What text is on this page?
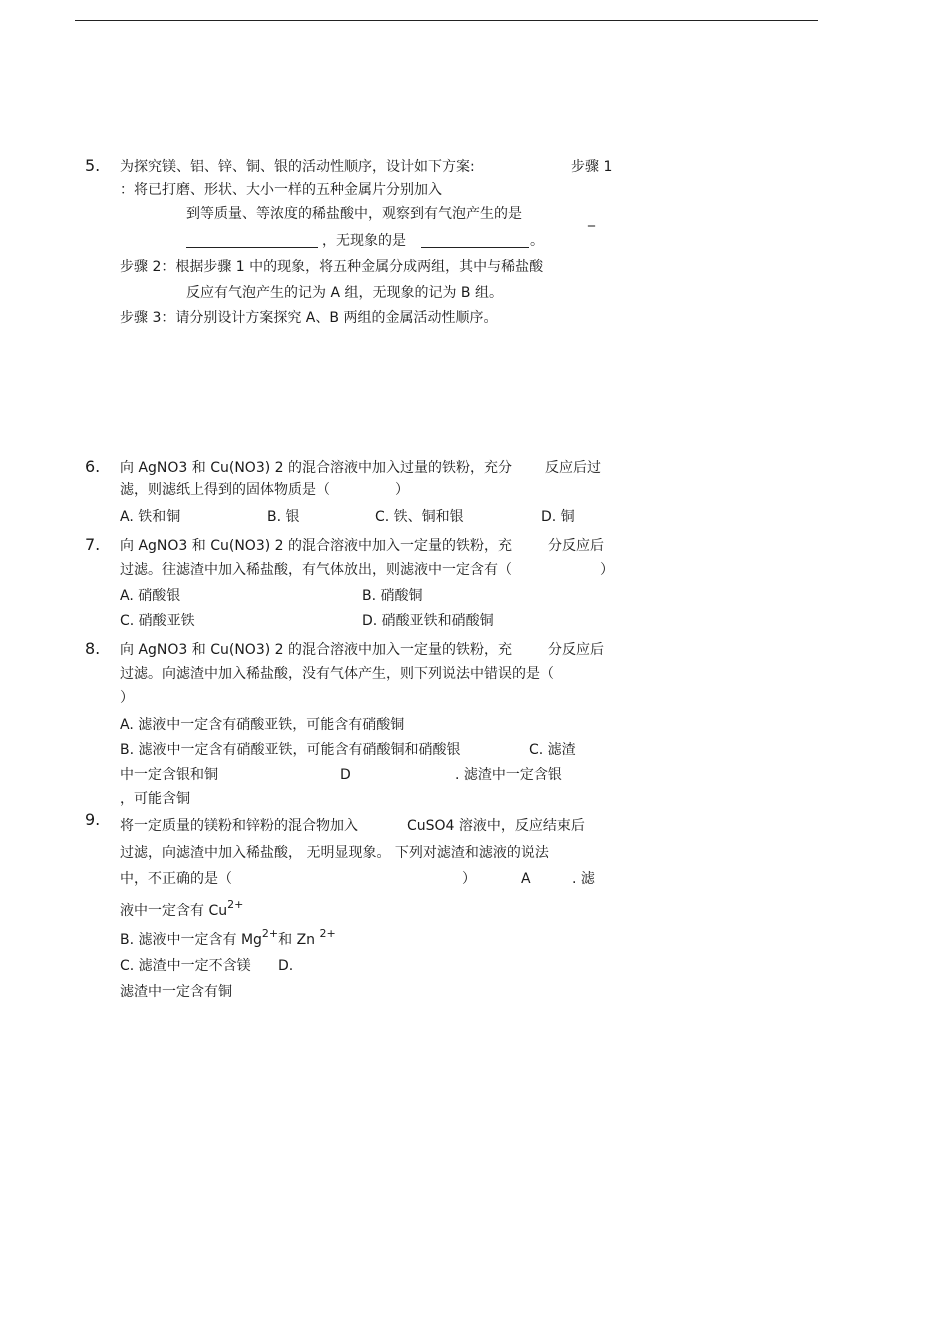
5. 为探究镁、铝、锌、铜、银的活动性顺序，设计如下方案:	步骤 1
：将已打磨、形状、大小一样的五种金属片分别加入
到等质量、等浓度的稀盐酸中，观察到有气泡产生的是	_
，无现象的是	。
步骤 2：根据步骤 1 中的现象，将五种金属分成两组，其中与稀盐酸
反应有气泡产生的记为 A 组，无现象的记为 B 组。
步骤 3：请分别设计方案探究 A、B 两组的金属活动性顺序。
6. 向 AgNO3 和 Cu(NO3) 2 的混合溶液中加入过量的铁粉，充分 反应后过
滤，则滤纸上得到的固体物质是（	）
A. 铁和铜	B. 银	C. 铁、铜和银	D. 铜
7. 向 AgNO3 和 Cu(NO3) 2 的混合溶液中加入一定量的铁粉，充	分反应后
过滤。往滤渣中加入稀盐酸，有气体放出，则滤液中一定含有（	）
A. 硝酸银	B. 硝酸铜
C. 硝酸亚铁	D. 硝酸亚铁和硝酸铜
8. 向 AgNO3 和 Cu(NO3) 2 的混合溶液中加入一定量的铁粉，充	分反应后
过滤。向滤渣中加入稀盐酸，没有气体产生，则下列说法中错误的是（
）
A. 滤液中一定含有硝酸亚铁，可能含有硝酸铜
B. 滤液中一定含有硝酸亚铁，可能含有硝酸铜和硝酸银	C. 滤渣
中一定含银和铜	D	. 滤渣中一定含银
，可能含铜
9. 将一定质量的镁粉和锌粉的混合物加入	CuSO4 溶液中，反应结束后
过滤，向滤渣中加入稀盐酸， 无明显现象。 下列对滤渣和滤液的说法
中，不正确的是（	）	A	. 滤
液中一定含有 $Cu^{2+}$
B. 滤液中一定含有 $Mg^{2+}$和 Zn $^{2+}$
C. 滤渣中一定不含镁 D.
滤渣中一定含有铜
